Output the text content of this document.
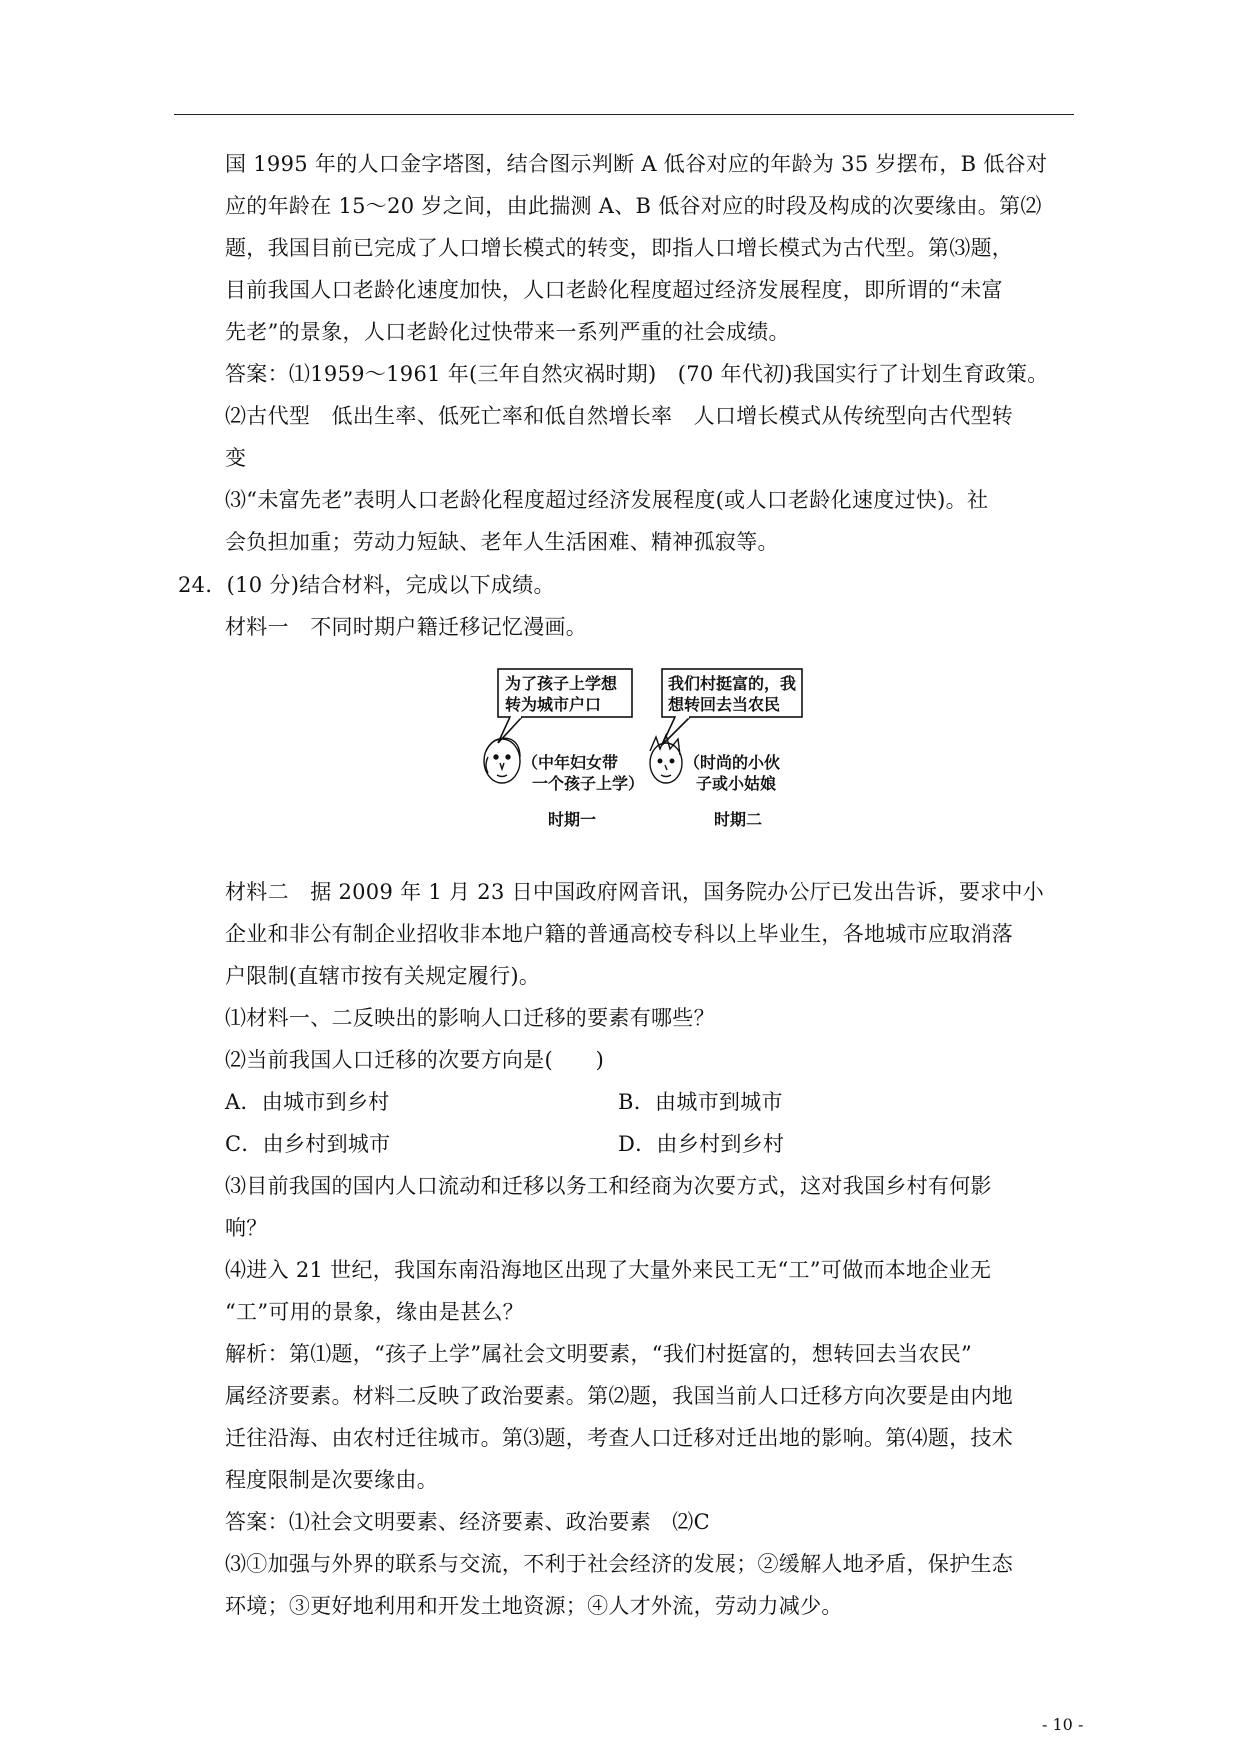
国 1995 年的人口金字塔图，结合图示判断 A 低谷对应的年龄为 35 岁摆布，B 低谷对
应的年龄在 15～20 岁之间，由此揣测 A、B 低谷对应的时段及构成的次要缘由。第⑵
题，我国目前已完成了人口增长模式的转变，即指人口增长模式为古代型。第⑶题，
目前我国人口老龄化速度加快，人口老龄化程度超过经济发展程度，即所谓的“未富
先老”的景象，人口老龄化过快带来一系列严重的社会成绩。
答案：⑴1959～1961 年(三年自然灾祸时期)　(70 年代初)我国实行了计划生育政策。
⑵古代型　低出生率、低死亡率和低自然增长率　人口增长模式从传统型向古代型转
变
⑶“未富先老”表明人口老龄化程度超过经济发展程度(或人口老龄化速度过快)。社
会负担加重；劳动力短缺、老年人生活困难、精神孤寂等。
24．(10 分)结合材料，完成以下成绩。
材料一　不同时期户籍迁移记忆漫画。
为了孩子上学想
转为城市户口
我们村挺富的，我
想转回去当农民
（中年妇女带
一个孩子上学）
（时尚的小伙
子或小姑娘
时期一	时期二
材料二　据 2009 年 1 月 23 日中国政府网音讯，国务院办公厅已发出告诉，要求中小
企业和非公有制企业招收非本地户籍的普通高校专科以上毕业生，各地城市应取消落
户限制(直辖市按有关规定履行)。
⑴材料一、二反映出的影响人口迁移的要素有哪些？
⑵当前我国人口迁移的次要方向是(　　)
A．由城市到乡村	B．由城市到城市
C．由乡村到城市	D．由乡村到乡村
⑶目前我国的国内人口流动和迁移以务工和经商为次要方式，这对我国乡村有何影
响？
⑷进入 21 世纪，我国东南沿海地区出现了大量外来民工无“工”可做而本地企业无
“工”可用的景象，缘由是甚么？
解析：第⑴题，“孩子上学”属社会文明要素，“我们村挺富的，想转回去当农民”
属经济要素。材料二反映了政治要素。第⑵题，我国当前人口迁移方向次要是由内地
迁往沿海、由农村迁往城市。第⑶题，考查人口迁移对迁出地的影响。第⑷题，技术
程度限制是次要缘由。
答案：⑴社会文明要素、经济要素、政治要素　⑵C
⑶①加强与外界的联系与交流，不利于社会经济的发展；②缓解人地矛盾，保护生态
环境；③更好地利用和开发土地资源；④人才外流，劳动力减少。
- 10 -
